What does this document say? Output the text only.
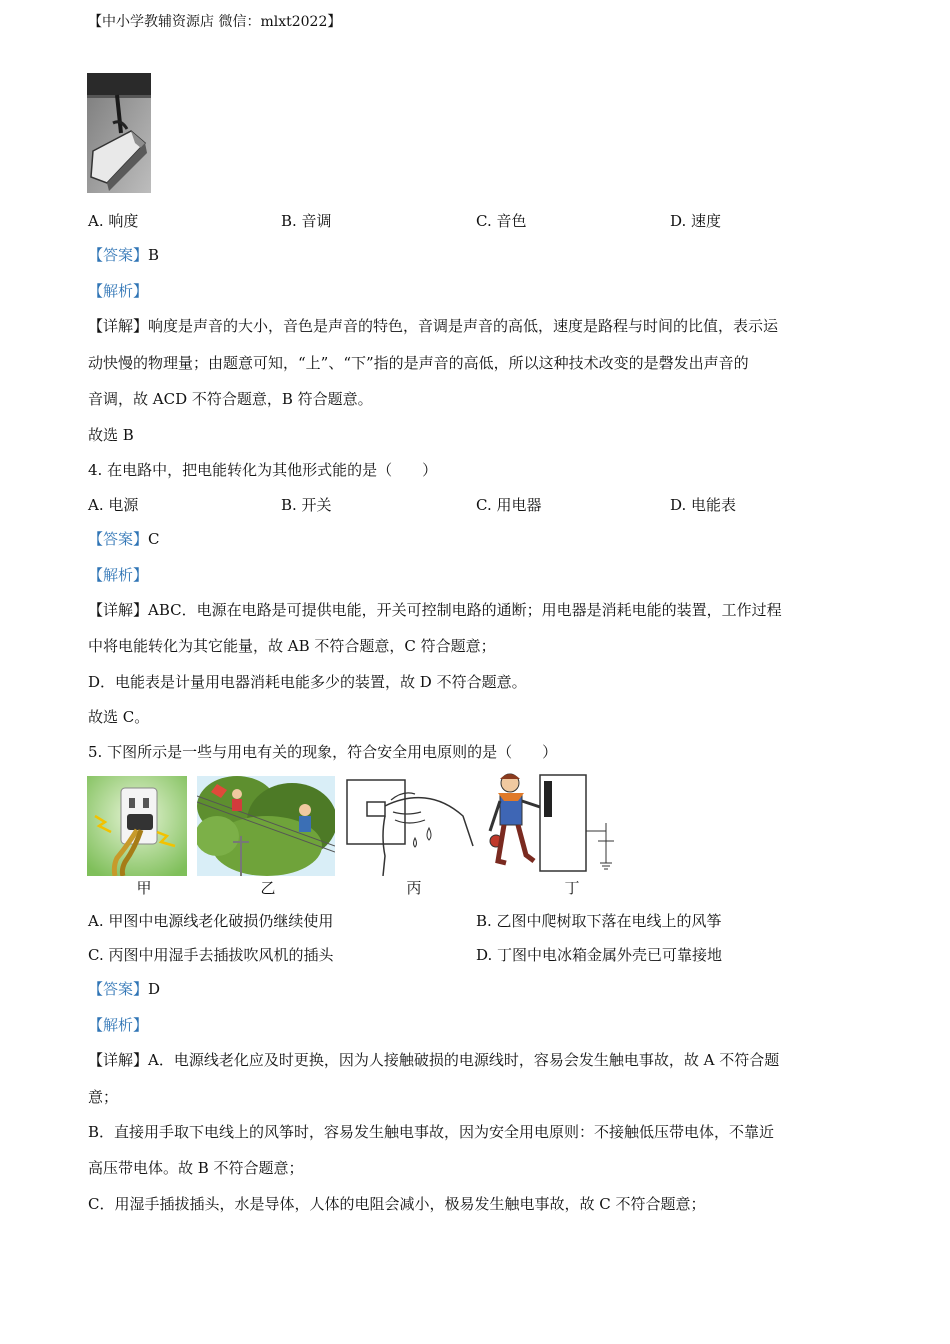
【中小学教辅资源店 微信：mlxt2022】
A. 响度	B. 音调	C. 音色	D. 速度
【答案】B
【解析】
【详解】响度是声音的大小，音色是声音的特色，音调是声音的高低，速度是路程与时间的比值，表示运
动快慢的物理量；由题意可知，“上”、“下”指的是声音的高低，所以这种技术改变的是磬发出声音的
音调，故 ACD 不符合题意，B 符合题意。
故选 B
4. 在电路中，把电能转化为其他形式能的是（　　）
A. 电源	B. 开关	C. 用电器	D. 电能表
【答案】C
【解析】
【详解】ABC．电源在电路是可提供电能，开关可控制电路的通断；用电器是消耗电能的装置，工作过程
中将电能转化为其它能量，故 AB 不符合题意，C 符合题意；
D．电能表是计量用电器消耗电能多少的装置，故 D 不符合题意。
故选 C。
5. 下图所示是一些与用电有关的现象，符合安全用电原则的是（　　）
甲	乙	丙	丁
A. 甲图中电源线老化破损仍继续使用	B. 乙图中爬树取下落在电线上的风筝
C. 丙图中用湿手去插拔吹风机的插头	D. 丁图中电冰箱金属外壳已可靠接地
【答案】D
【解析】
【详解】A．电源线老化应及时更换，因为人接触破损的电源线时，容易会发生触电事故，故 A 不符合题
意；
B．直接用手取下电线上的风筝时，容易发生触电事故，因为安全用电原则：不接触低压带电体，不靠近
高压带电体。故 B 不符合题意；
C．用湿手插拔插头，水是导体，人体的电阻会减小，极易发生触电事故，故 C 不符合题意；
